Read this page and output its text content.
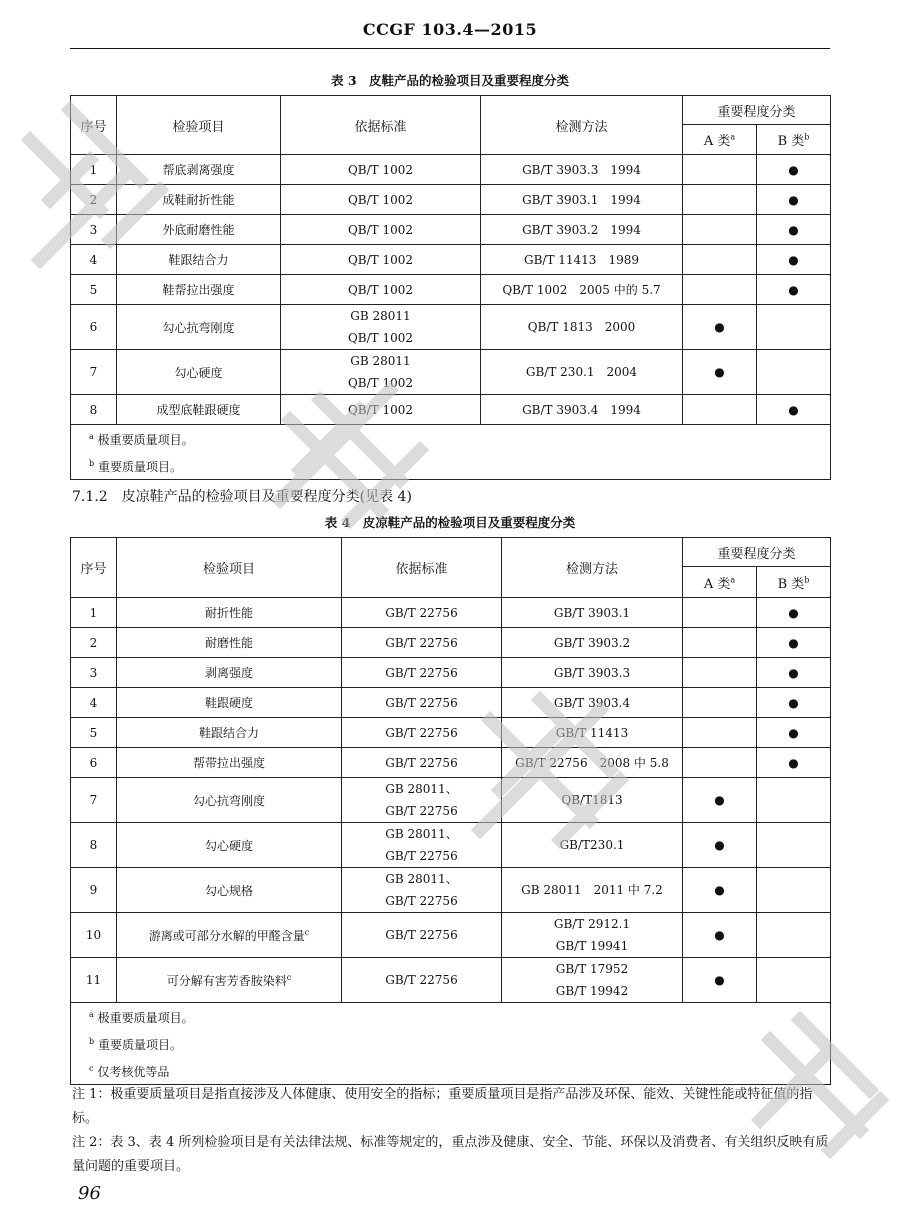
CCGF 103.4—2015
表 3　皮鞋产品的检验项目及重要程度分类
序号	检验项目	依据标准	检测方法	重要程度分类	
				A 类$^a$	B 类$^b$
1	帮底剥离强度	QB/T 1002	GB/T 3903.3　1994		●
2	成鞋耐折性能	QB/T 1002	GB/T 3903.1　1994		●
3	外底耐磨性能	QB/T 1002	GB/T 3903.2　1994		●
4	鞋跟结合力	QB/T 1002	GB/T 11413　1989		●
5	鞋帮拉出强度	QB/T 1002	QB/T 1002　2005 中的 5.7		●
6	勾心抗弯刚度	GB 28011
QB/T 1002	QB/T 1813　2000	●	
7	勾心硬度	GB 28011
QB/T 1002	GB/T 230.1　2004	●	
8	成型底鞋跟硬度	QB/T 1002	GB/T 3903.4　1994		●

$^a$ 极重要质量项目。
$^b$ 重要质量项目。					
7.1.2　皮凉鞋产品的检验项目及重要程度分类(见表 4)
表 4　皮凉鞋产品的检验项目及重要程度分类
序号	检验项目	依据标准	检测方法	重要程度分类	
				A 类$^a$	B 类$^b$
1	耐折性能	GB/T 22756	GB/T 3903.1		●
2	耐磨性能	GB/T 22756	GB/T 3903.2		●
3	剥离强度	GB/T 22756	GB/T 3903.3		●
4	鞋跟硬度	GB/T 22756	GB/T 3903.4		●
5	鞋跟结合力	GB/T 22756	GB/T 11413		●
6	帮带拉出强度	GB/T 22756	GB/T 22756　2008 中 5.8		●
7	勾心抗弯刚度	GB 28011、
GB/T 22756	QB/T1813	●	
8	勾心硬度	GB 28011、
GB/T 22756	GB/T230.1	●	
9	勾心规格	GB 28011、
GB/T 22756	GB 28011　2011 中 7.2	●	
10	游离或可部分水解的甲醛含量$^c$	GB/T 22756	GB/T 2912.1
GB/T 19941	●	
11	可分解有害芳香胺染料$^c$	GB/T 22756	GB/T 17952
GB/T 19942	●	

$^a$ 极重要质量项目。
$^b$ 重要质量项目。
$^c$ 仅考核优等品					
注 1：极重要质量项目是指直接涉及人体健康、使用安全的指标；重要质量项目是指产品涉及环保、能效、关键性能或特征值的指标。
注 2：表 3、表 4 所列检验项目是有关法律法规、标准等规定的，重点涉及健康、安全、节能、环保以及消费者、有关组织反映有质量问题的重要项目。
96
